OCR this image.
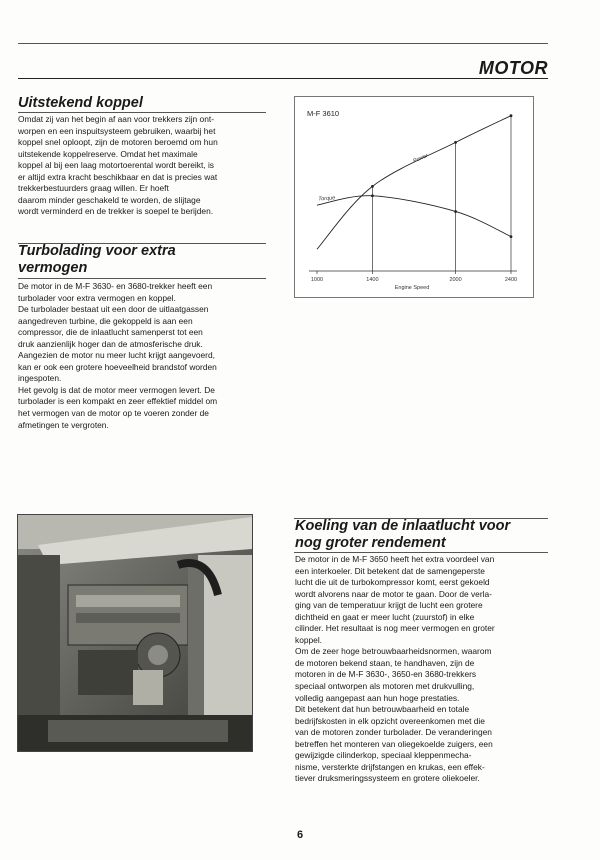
MOTOR
Uitstekend koppel
Omdat zij van het begin af aan voor trekkers zijn ont-
worpen en een inspuitsysteem gebruiken, waarbij het
koppel snel oploopt, zijn de motoren beroemd om hun
uitstekende koppelreserve. Omdat het maximale
koppel al bij een laag motortoerental wordt bereikt, is
er altijd extra kracht beschikbaar en dat is precies wat
trekkerbestuurders graag willen. Er hoeft
daarom minder geschakeld te worden, de slijtage
wordt verminderd en de trekker is soepel te berijden.
Turbolading voor extra
vermogen
De motor in de M-F 3630- en 3680-trekker heeft een
turbolader voor extra vermogen en koppel.
De turbolader bestaat uit een door de uitlaatgassen
aangedreven turbine, die gekoppeld is aan een
compressor, die de inlaatlucht samenperst tot een
druk aanzienlijk hoger dan de atmosferische druk.
Aangezien de motor nu meer lucht krijgt aangevoerd,
kan er ook een grotere hoeveelheid brandstof worden
ingespoten.
Het gevolg is dat de motor meer vermogen levert. De
turbolader is een kompakt en zeer effektief middel om
het vermogen van de motor op te voeren zonder de
afmetingen te vergroten.
M-F 3610
Engine Speed
1000	1400	2000	2400
Power
Torque
Koeling van de inlaatlucht voor
nog groter rendement
De motor in de M-F 3650 heeft het extra voordeel van
een interkoeler. Dit betekent dat de samengeperste
lucht die uit de turbokompressor komt, eerst gekoeld
wordt alvorens naar de motor te gaan. Door de verla-
ging van de temperatuur krijgt de lucht een grotere
dichtheid en gaat er meer lucht (zuurstof) in elke
cilinder. Het resultaat is nog meer vermogen en groter
koppel.
Om de zeer hoge betrouwbaarheidsnormen, waarom
de motoren bekend staan, te handhaven, zijn de
motoren in de M-F 3630-, 3650-en 3680-trekkers
speciaal ontworpen als motoren met drukvulling,
volledig aangepast aan hun hoge prestaties.
Dit betekent dat hun betrouwbaarheid en totale
bedrijfskosten in elk opzicht overeenkomen met die
van de motoren zonder turbolader. De veranderingen
betreffen het monteren van oliegekoelde zuigers, een
gewijzigde cilinderkop, speciaal kleppenmecha-
nisme, versterkte drijfstangen en krukas, een effek-
tiever druksmeringssysteem en grotere oliekoeler.
6
